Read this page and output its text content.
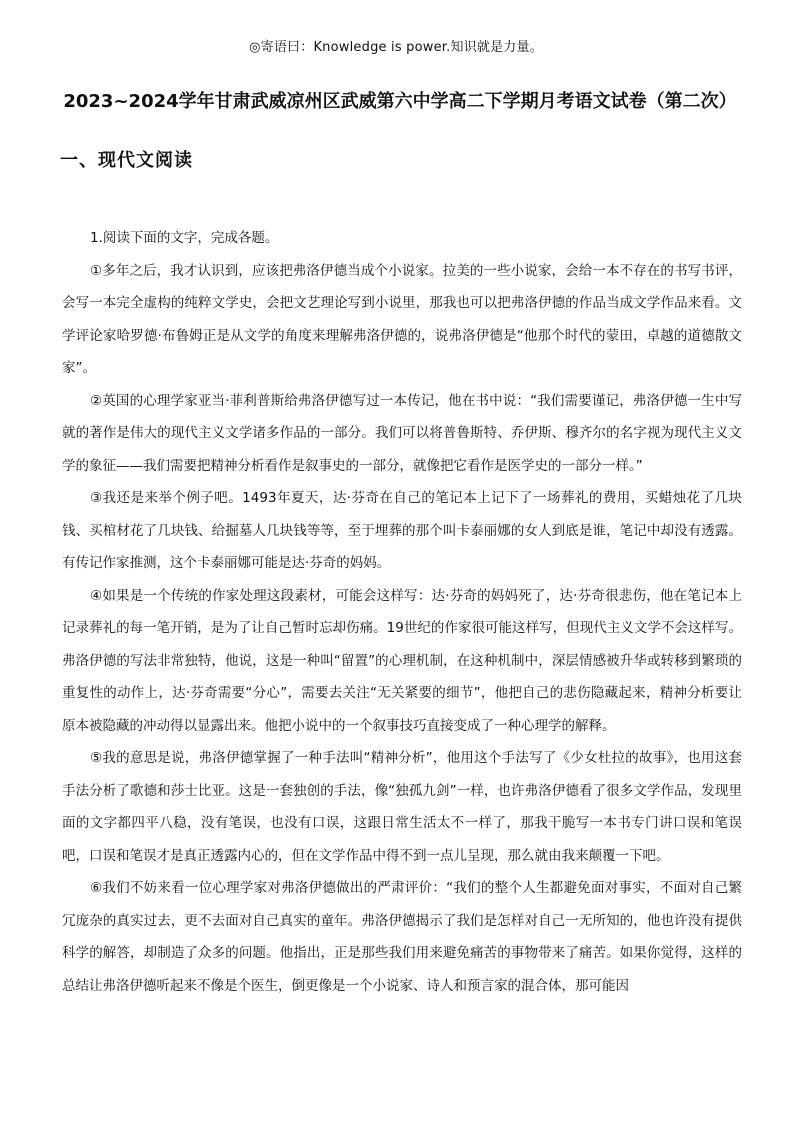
◎寄语曰：Knowledge is power.知识就是力量。
2023~2024学年甘肃武威凉州区武威第六中学高二下学期月考语文试卷（第二次）
一、现代文阅读

1.阅读下面的文字，完成各题。

①多年之后，我才认识到，应该把弗洛伊德当成个小说家。拉美的一些小说家，会给一本不存在的书写书评，会写一本完全虚构的纯粹文学史，会把文艺理论写到小说里，那我也可以把弗洛伊德的作品当成文学作品来看。文学评论家哈罗德·布鲁姆正是从文学的角度来理解弗洛伊德的，说弗洛伊德是“他那个时代的蒙田，卓越的道德散文家”。

②英国的心理学家亚当·菲利普斯给弗洛伊德写过一本传记，他在书中说：“我们需要谨记，弗洛伊德一生中写就的著作是伟大的现代主义文学诸多作品的一部分。我们可以将普鲁斯特、乔伊斯、穆齐尔的名字视为现代主义文学的象征——我们需要把精神分析看作是叙事史的一部分，就像把它看作是医学史的一部分一样。”

③我还是来举个例子吧。1493年夏天，达·芬奇在自己的笔记本上记下了一场葬礼的费用，买蜡烛花了几块钱、买棺材花了几块钱、给掘墓人几块钱等等，至于埋葬的那个叫卡泰丽娜的女人到底是谁，笔记中却没有透露。有传记作家推测，这个卡泰丽娜可能是达·芬奇的妈妈。

④如果是一个传统的作家处理这段素材，可能会这样写：达·芬奇的妈妈死了，达·芬奇很悲伤，他在笔记本上记录葬礼的每一笔开销，是为了让自己暂时忘却伤痛。19世纪的作家很可能这样写，但现代主义文学不会这样写。弗洛伊德的写法非常独特，他说，这是一种叫“留置”的心理机制，在这种机制中，深层情感被升华或转移到繁琐的重复性的动作上，达·芬奇需要“分心”，需要去关注“无关紧要的细节”，他把自己的悲伤隐藏起来，精神分析要让原本被隐藏的冲动得以显露出来。他把小说中的一个叙事技巧直接变成了一种心理学的解释。

⑤我的意思是说，弗洛伊德掌握了一种手法叫“精神分析”，他用这个手法写了《少女杜拉的故事》，也用这套手法分析了歌德和莎士比亚。这是一套独创的手法，像“独孤九剑”一样，也许弗洛伊德看了很多文学作品，发现里面的文字都四平八稳，没有笔误，也没有口误，这跟日常生活太不一样了，那我干脆写一本书专门讲口误和笔误吧，口误和笔误才是真正透露内心的，但在文学作品中得不到一点儿呈现，那么就由我来颠覆一下吧。

⑥我们不妨来看一位心理学家对弗洛伊德做出的严肃评价：“我们的整个人生都避免面对事实，不面对自己繁冗庞杂的真实过去，更不去面对自己真实的童年。弗洛伊德揭示了我们是怎样对自己一无所知的，他也许没有提供科学的解答，却制造了众多的问题。他指出，正是那些我们用来避免痛苦的事物带来了痛苦。如果你觉得，这样的总结让弗洛伊德听起来不像是个医生，倒更像是一个小说家、诗人和预言家的混合体，那可能因
